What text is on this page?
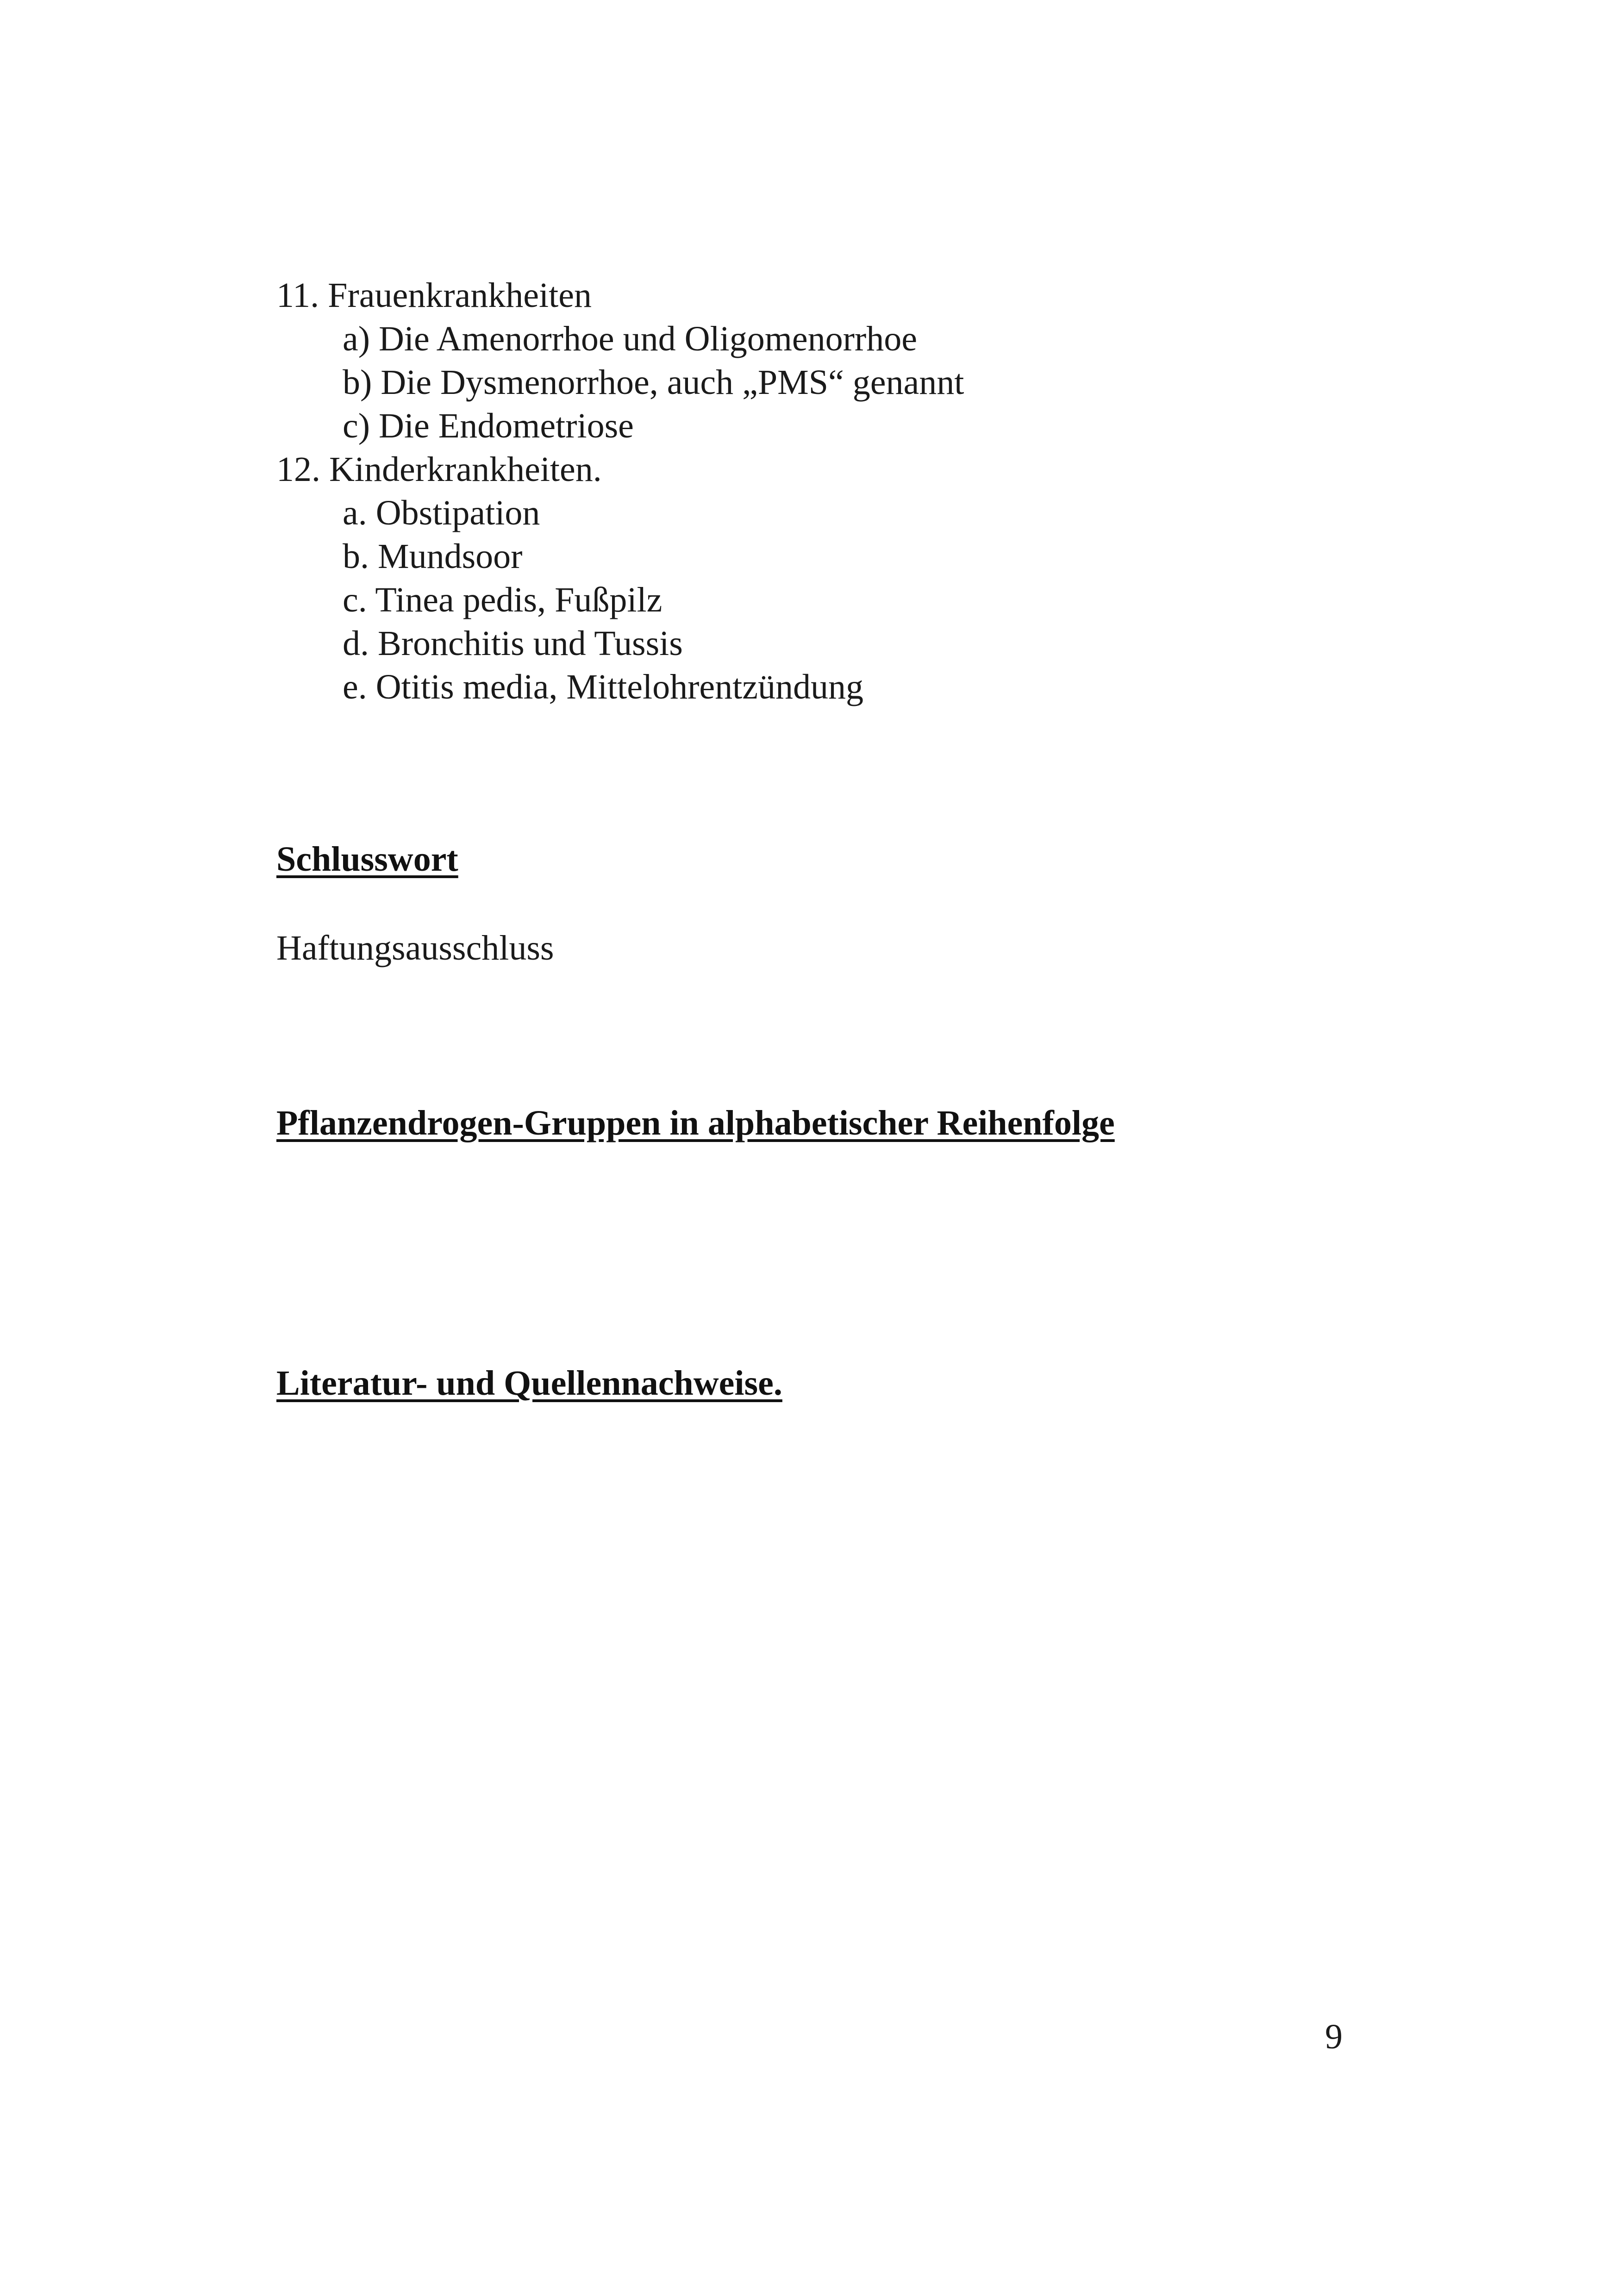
11. Frauenkrankheiten
a) Die Amenorrhoe und Oligomenorrhoe
b) Die Dysmenorrhoe, auch „PMS“ genannt
c) Die Endometriose
12. Kinderkrankheiten.
a. Obstipation
b. Mundsoor
c. Tinea pedis, Fußpilz
d. Bronchitis und Tussis
e. Otitis media, Mittelohrentzündung
Schlusswort
Haftungsausschluss
Pflanzendrogen-Gruppen in alphabetischer Reihenfolge
Literatur- und Quellennachweise.
9
